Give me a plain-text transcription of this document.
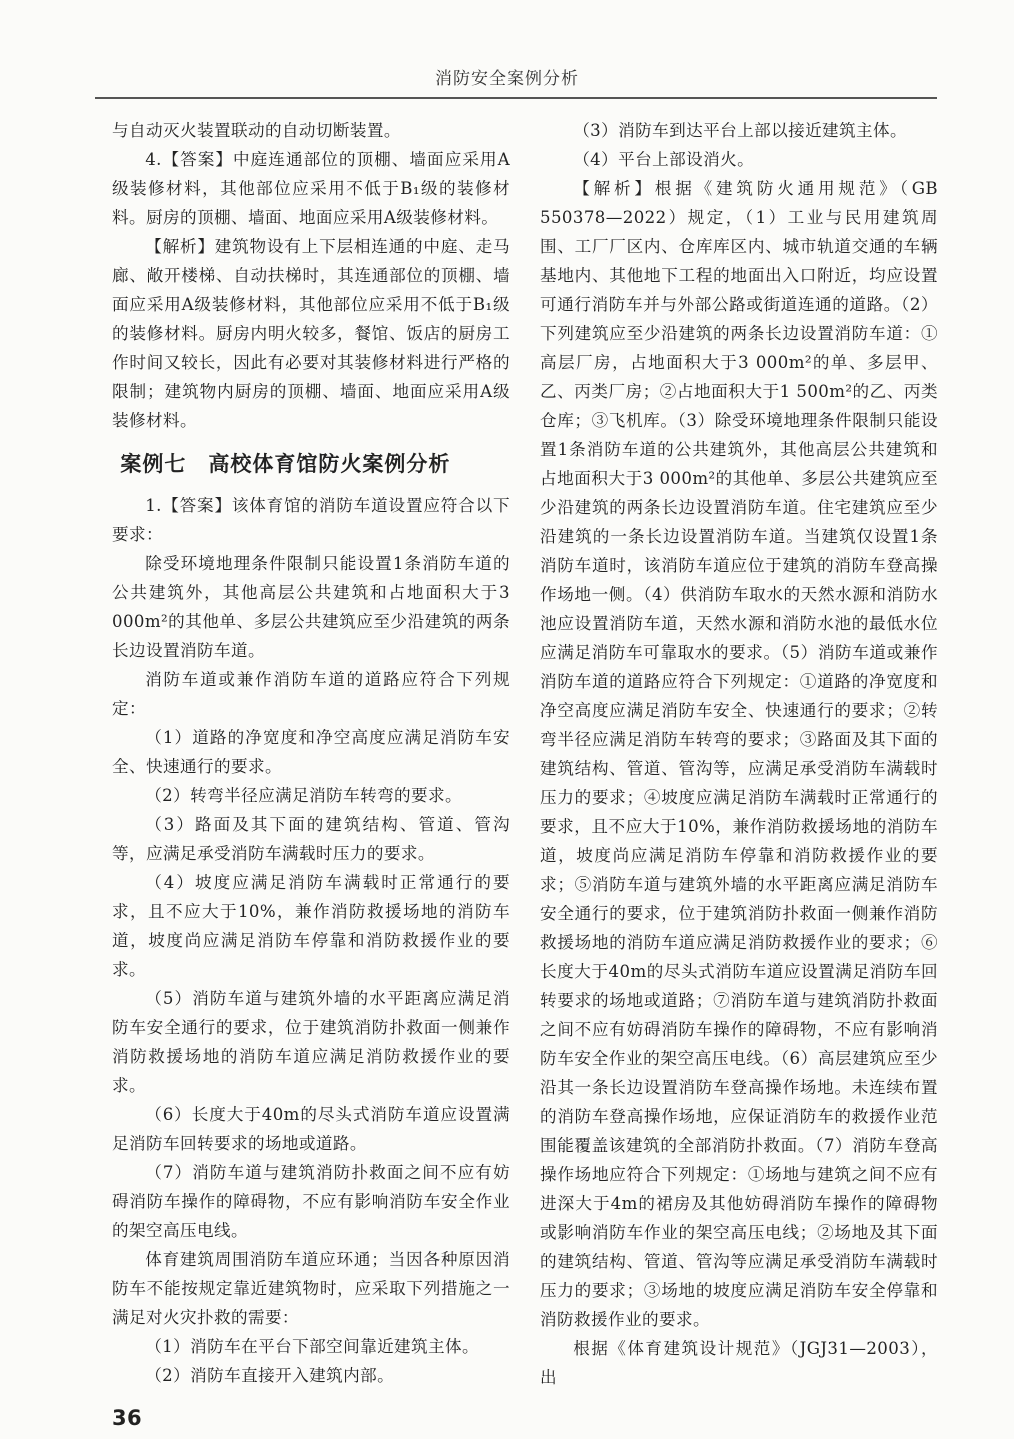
消防安全案例分析

与自动灭火装置联动的自动切断装置。

4.【答案】中庭连通部位的顶棚、墙面应采用A级装修材料，其他部位应采用不低于B₁级的装修材料。厨房的顶棚、墙面、地面应采用A级装修材料。

【解析】建筑物设有上下层相连通的中庭、走马廊、敞开楼梯、自动扶梯时，其连通部位的顶棚、墙面应采用A级装修材料，其他部位应采用不低于B₁级的装修材料。厨房内明火较多，餐馆、饭店的厨房工作时间又较长，因此有必要对其装修材料进行严格的限制；建筑物内厨房的顶棚、墙面、地面应采用A级装修材料。

案例七　高校体育馆防火案例分析

1.【答案】该体育馆的消防车道设置应符合以下要求：

除受环境地理条件限制只能设置1条消防车道的公共建筑外，其他高层公共建筑和占地面积大于3 000m²的其他单、多层公共建筑应至少沿建筑的两条长边设置消防车道。

消防车道或兼作消防车道的道路应符合下列规定：

（1）道路的净宽度和净空高度应满足消防车安全、快速通行的要求。

（2）转弯半径应满足消防车转弯的要求。

（3）路面及其下面的建筑结构、管道、管沟等，应满足承受消防车满载时压力的要求。

（4）坡度应满足消防车满载时正常通行的要求，且不应大于10%，兼作消防救援场地的消防车道，坡度尚应满足消防车停靠和消防救援作业的要求。

（5）消防车道与建筑外墙的水平距离应满足消防车安全通行的要求，位于建筑消防扑救面一侧兼作消防救援场地的消防车道应满足消防救援作业的要求。

（6）长度大于40m的尽头式消防车道应设置满足消防车回转要求的场地或道路。

（7）消防车道与建筑消防扑救面之间不应有妨碍消防车操作的障碍物，不应有影响消防车安全作业的架空高压电线。

体育建筑周围消防车道应环通；当因各种原因消防车不能按规定靠近建筑物时，应采取下列措施之一满足对火灾扑救的需要：

（1）消防车在平台下部空间靠近建筑主体。

（2）消防车直接开入建筑内部。

36

（3）消防车到达平台上部以接近建筑主体。

（4）平台上部设消火。

【解析】根据《建筑防火通用规范》（GB 550378—2022）规定，（1）工业与民用建筑周围、工厂厂区内、仓库库区内、城市轨道交通的车辆基地内、其他地下工程的地面出入口附近，均应设置可通行消防车并与外部公路或街道连通的道路。（2）下列建筑应至少沿建筑的两条长边设置消防车道：①高层厂房，占地面积大于3 000m²的单、多层甲、乙、丙类厂房；②占地面积大于1 500m²的乙、丙类仓库；③飞机库。（3）除受环境地理条件限制只能设置1条消防车道的公共建筑外，其他高层公共建筑和占地面积大于3 000m²的其他单、多层公共建筑应至少沿建筑的两条长边设置消防车道。住宅建筑应至少沿建筑的一条长边设置消防车道。当建筑仅设置1条消防车道时，该消防车道应位于建筑的消防车登高操作场地一侧。（4）供消防车取水的天然水源和消防水池应设置消防车道，天然水源和消防水池的最低水位应满足消防车可靠取水的要求。（5）消防车道或兼作消防车道的道路应符合下列规定：①道路的净宽度和净空高度应满足消防车安全、快速通行的要求；②转弯半径应满足消防车转弯的要求；③路面及其下面的建筑结构、管道、管沟等，应满足承受消防车满载时压力的要求；④坡度应满足消防车满载时正常通行的要求，且不应大于10%，兼作消防救援场地的消防车道，坡度尚应满足消防车停靠和消防救援作业的要求；⑤消防车道与建筑外墙的水平距离应满足消防车安全通行的要求，位于建筑消防扑救面一侧兼作消防救援场地的消防车道应满足消防救援作业的要求；⑥长度大于40m的尽头式消防车道应设置满足消防车回转要求的场地或道路；⑦消防车道与建筑消防扑救面之间不应有妨碍消防车操作的障碍物，不应有影响消防车安全作业的架空高压电线。（6）高层建筑应至少沿其一条长边设置消防车登高操作场地。未连续布置的消防车登高操作场地，应保证消防车的救援作业范围能覆盖该建筑的全部消防扑救面。（7）消防车登高操作场地应符合下列规定：①场地与建筑之间不应有进深大于4m的裙房及其他妨碍消防车操作的障碍物或影响消防车作业的架空高压电线；②场地及其下面的建筑结构、管道、管沟等应满足承受消防车满载时压力的要求；③场地的坡度应满足消防车安全停靠和消防救援作业的要求。

根据《体育建筑设计规范》（JGJ31—2003），出
